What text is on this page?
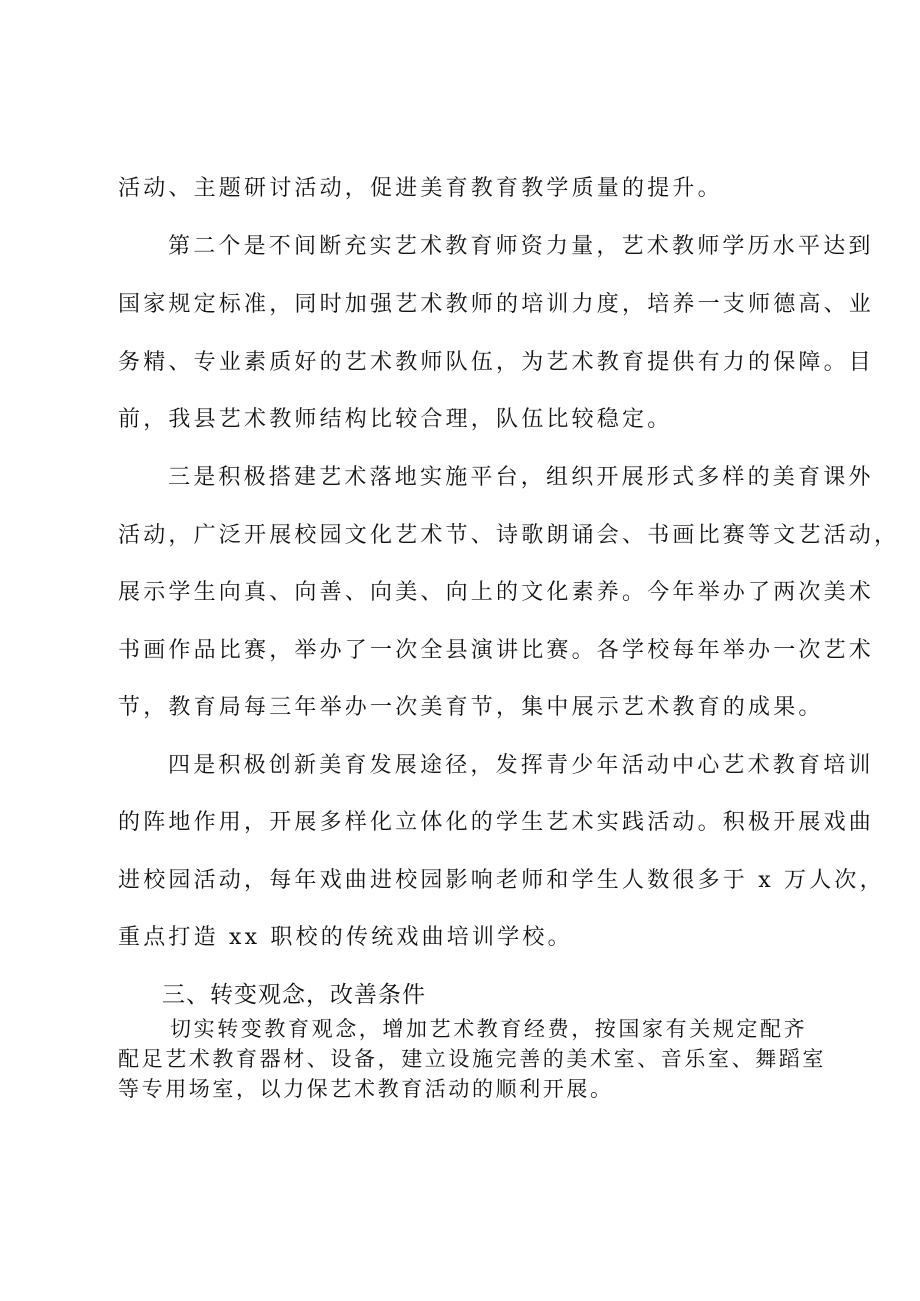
活动、主题研讨活动，促进美育教育教学质量的提升。
第二个是不间断充实艺术教育师资力量，艺术教师学历水平达到
国家规定标准，同时加强艺术教师的培训力度，培养一支师德高、业
务精、专业素质好的艺术教师队伍，为艺术教育提供有力的保障。目
前，我县艺术教师结构比较合理，队伍比较稳定。
三是积极搭建艺术落地实施平台，组织开展形式多样的美育课外
活动，广泛开展校园文化艺术节、诗歌朗诵会、书画比赛等文艺活动，
展示学生向真、向善、向美、向上的文化素养。今年举办了两次美术
书画作品比赛，举办了一次全县演讲比赛。各学校每年举办一次艺术
节，教育局每三年举办一次美育节，集中展示艺术教育的成果。
四是积极创新美育发展途径，发挥青少年活动中心艺术教育培训
的阵地作用，开展多样化立体化的学生艺术实践活动。积极开展戏曲
进校园活动，每年戏曲进校园影响老师和学生人数很多于 x 万人次，
重点打造 xx 职校的传统戏曲培训学校。
三、转变观念，改善条件
切实转变教育观念，增加艺术教育经费，按国家有关规定配齐
配足艺术教育器材、设备，建立设施完善的美术室、音乐室、舞蹈室
等专用场室，以力保艺术教育活动的顺利开展。
